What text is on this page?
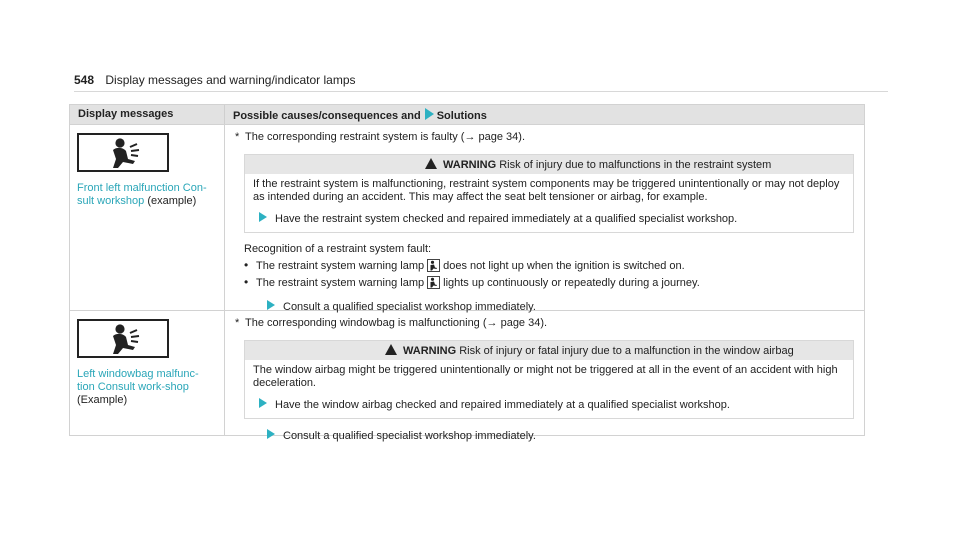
548 Display messages and warning/indicator lamps
Display messages	Possible causes/consequences and Solutions
Front left malfunction Con-sult workshop (example)
* The corresponding restraint system is faulty (→ page 34).
WARNING Risk of injury due to malfunctions in the restraint system
If the restraint system is malfunctioning, restraint system components may be triggered unintentionally or may not deploy as intended during an accident. This may affect the seat belt tensioner or airbag, for example.
Have the restraint system checked and repaired immediately at a qualified specialist workshop.
Recognition of a restraint system fault:
• The restraint system warning lamp does not light up when the ignition is switched on.
• The restraint system warning lamp lights up continuously or repeatedly during a journey.
Consult a qualified specialist workshop immediately.
Left windowbag malfunc-tion Consult work-shop (Example)
* The corresponding windowbag is malfunctioning (→ page 34).
WARNING Risk of injury or fatal injury due to a malfunction in the window airbag
The window airbag might be triggered unintentionally or might not be triggered at all in the event of an accident with high deceleration.
Have the window airbag checked and repaired immediately at a qualified specialist workshop.
Consult a qualified specialist workshop immediately.
